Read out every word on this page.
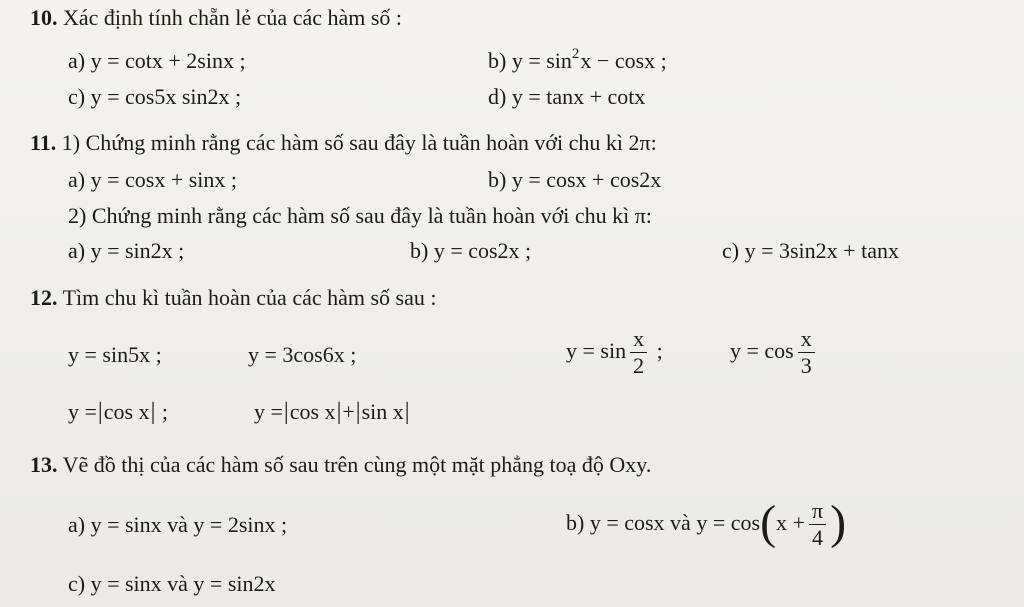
10. Xác định tính chẵn lẻ của các hàm số :
a) y = cotx + 2sinx ;	b) $y = \sin^2x - \cos x$ ;
c) y = cos5x sin2x ;	d) y = tanx + cotx
11. 1) Chứng minh rằng các hàm số sau đây là tuần hoàn với chu kì 2π:
a) y = cosx + sinx ;	b) y = cosx + cos2x
2) Chứng minh rằng các hàm số sau đây là tuần hoàn với chu kì π:
a) y = sin2x ;	b) y = cos2x ;	c) y = 3sin2x + tanx
12. Tìm chu kì tuần hoàn của các hàm số sau :
y = sin5x ;	y = 3cos6x ;	$y = \sin \frac{x}{2}$ ;	$y = \cos \frac{x}{3}$
y =|cos x| ;	y =|cos x|+|sin x|
13. Vẽ đồ thị của các hàm số sau trên cùng một mặt phẳng toạ độ Oxy.
a) y = sinx và y = 2sinx ;	b) y = cosx và $y = \cos(x + \frac{\pi}{4}$ )
c) y = sinx và y = sin2x
